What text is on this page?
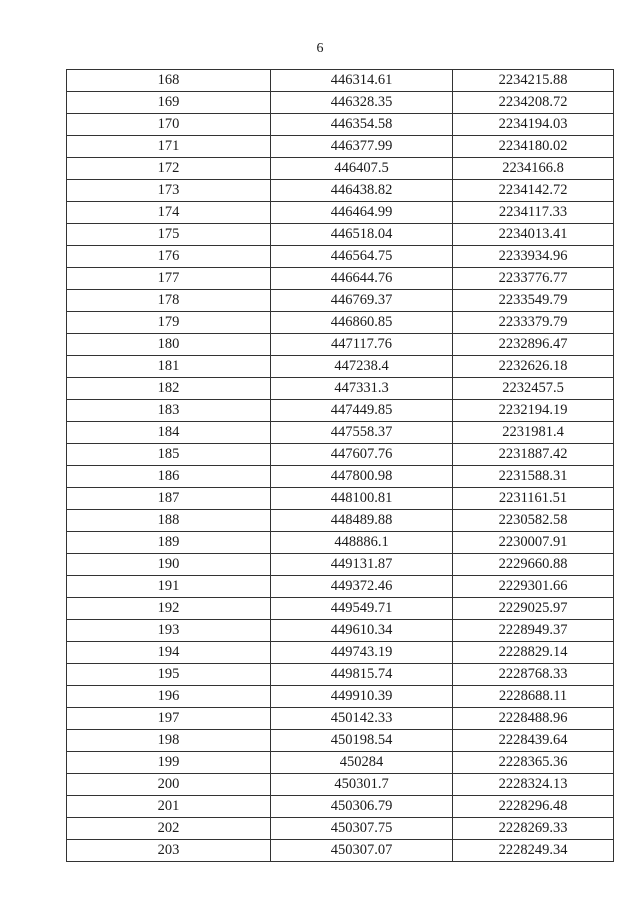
6
168	446314.61	2234215.88
169	446328.35	2234208.72
170	446354.58	2234194.03
171	446377.99	2234180.02
172	446407.5	2234166.8
173	446438.82	2234142.72
174	446464.99	2234117.33
175	446518.04	2234013.41
176	446564.75	2233934.96
177	446644.76	2233776.77
178	446769.37	2233549.79
179	446860.85	2233379.79
180	447117.76	2232896.47
181	447238.4	2232626.18
182	447331.3	2232457.5
183	447449.85	2232194.19
184	447558.37	2231981.4
185	447607.76	2231887.42
186	447800.98	2231588.31
187	448100.81	2231161.51
188	448489.88	2230582.58
189	448886.1	2230007.91
190	449131.87	2229660.88
191	449372.46	2229301.66
192	449549.71	2229025.97
193	449610.34	2228949.37
194	449743.19	2228829.14
195	449815.74	2228768.33
196	449910.39	2228688.11
197	450142.33	2228488.96
198	450198.54	2228439.64
199	450284	2228365.36
200	450301.7	2228324.13
201	450306.79	2228296.48
202	450307.75	2228269.33
203	450307.07	2228249.34
